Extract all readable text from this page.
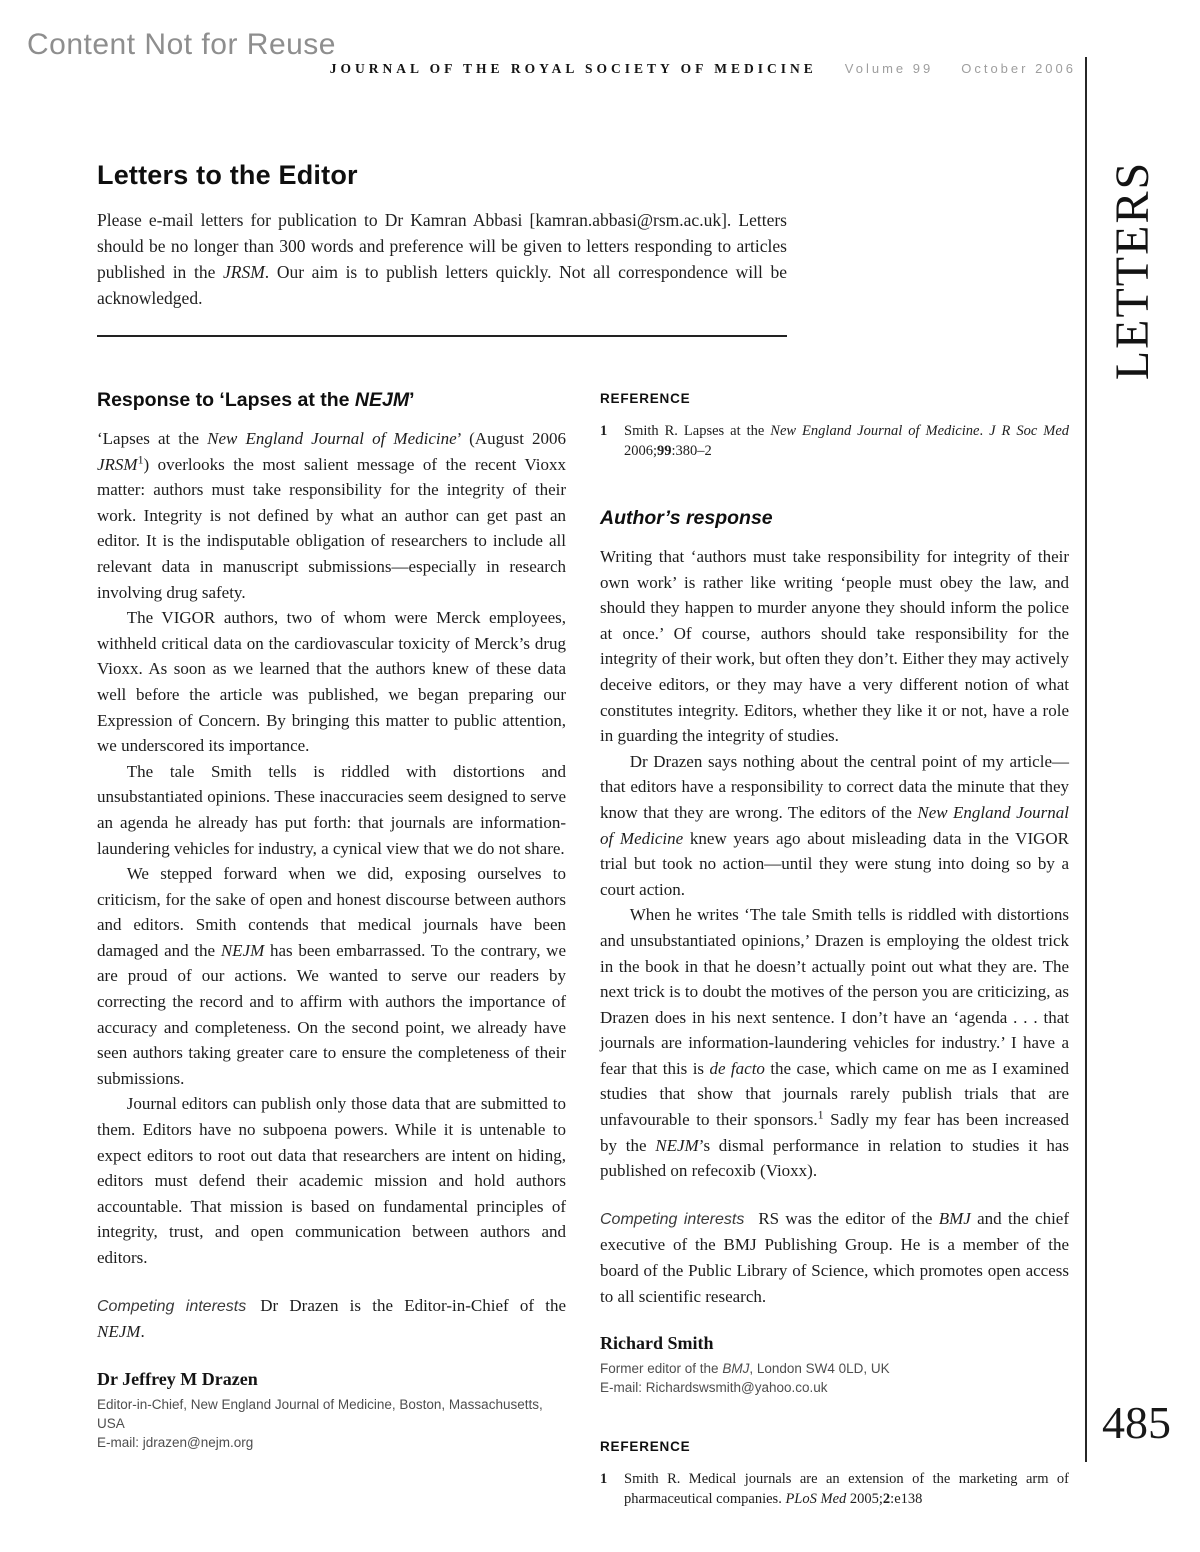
Content Not for Reuse
JOURNAL OF THE ROYAL SOCIETY OF MEDICINE Volume 99 October 2006
LETTERS
485
Letters to the Editor

Please e-mail letters for publication to Dr Kamran Abbasi [kamran.abbasi@rsm.ac.uk]. Letters should be no longer than 300 words and preference will be given to letters responding to articles published in the JRSM. Our aim is to publish letters quickly. Not all correspondence will be acknowledged.

Response to ‘Lapses at the NEJM’

‘Lapses at the New England Journal of Medicine’ (August 2006 JRSM$^1$) overlooks the most salient message of the recent Vioxx matter: authors must take responsibility for the integrity of their work. Integrity is not defined by what an author can get past an editor. It is the indisputable obligation of researchers to include all relevant data in manuscript submissions—especially in research involving drug safety.

The VIGOR authors, two of whom were Merck employees, withheld critical data on the cardiovascular toxicity of Merck’s drug Vioxx. As soon as we learned that the authors knew of these data well before the article was published, we began preparing our Expression of Concern. By bringing this matter to public attention, we underscored its importance.

The tale Smith tells is riddled with distortions and unsubstantiated opinions. These inaccuracies seem designed to serve an agenda he already has put forth: that journals are information-laundering vehicles for industry, a cynical view that we do not share.

We stepped forward when we did, exposing ourselves to criticism, for the sake of open and honest discourse between authors and editors. Smith contends that medical journals have been damaged and the NEJM has been embarrassed. To the contrary, we are proud of our actions. We wanted to serve our readers by correcting the record and to affirm with authors the importance of accuracy and completeness. On the second point, we already have seen authors taking greater care to ensure the completeness of their submissions.

Journal editors can publish only those data that are submitted to them. Editors have no subpoena powers. While it is untenable to expect editors to root out data that researchers are intent on hiding, editors must defend their academic mission and hold authors accountable. That mission is based on fundamental principles of integrity, trust, and open communication between authors and editors.

Competing interests Dr Drazen is the Editor-in-Chief of the NEJM.

Dr Jeffrey M Drazen
Editor-in-Chief, New England Journal of Medicine, Boston, Massachusetts, USA
E-mail: jdrazen@nejm.org
REFERENCE
1	Smith R. Lapses at the New England Journal of Medicine. J R Soc Med 2006;99:380–2
Author’s response

Writing that ‘authors must take responsibility for integrity of their own work’ is rather like writing ‘people must obey the law, and should they happen to murder anyone they should inform the police at once.’ Of course, authors should take responsibility for the integrity of their work, but often they don’t. Either they may actively deceive editors, or they may have a very different notion of what constitutes integrity. Editors, whether they like it or not, have a role in guarding the integrity of studies.

Dr Drazen says nothing about the central point of my article—that editors have a responsibility to correct data the minute that they know that they are wrong. The editors of the New England Journal of Medicine knew years ago about misleading data in the VIGOR trial but took no action—until they were stung into doing so by a court action.

When he writes ‘The tale Smith tells is riddled with distortions and unsubstantiated opinions,’ Drazen is employing the oldest trick in the book in that he doesn’t actually point out what they are. The next trick is to doubt the motives of the person you are criticizing, as Drazen does in his next sentence. I don’t have an ‘agenda . . . that journals are information-laundering vehicles for industry.’ I have a fear that this is de facto the case, which came on me as I examined studies that show that journals rarely publish trials that are unfavourable to their sponsors.$^1$ Sadly my fear has been increased by the NEJM’s dismal performance in relation to studies it has published on refecoxib (Vioxx).

Competing interests RS was the editor of the BMJ and the chief executive of the BMJ Publishing Group. He is a member of the board of the Public Library of Science, which promotes open access to all scientific research.

Richard Smith
Former editor of the BMJ, London SW4 0LD, UK
E-mail: Richardswsmith@yahoo.co.uk
REFERENCE
1	Smith R. Medical journals are an extension of the marketing arm of pharmaceutical companies. PLoS Med 2005;2:e138
